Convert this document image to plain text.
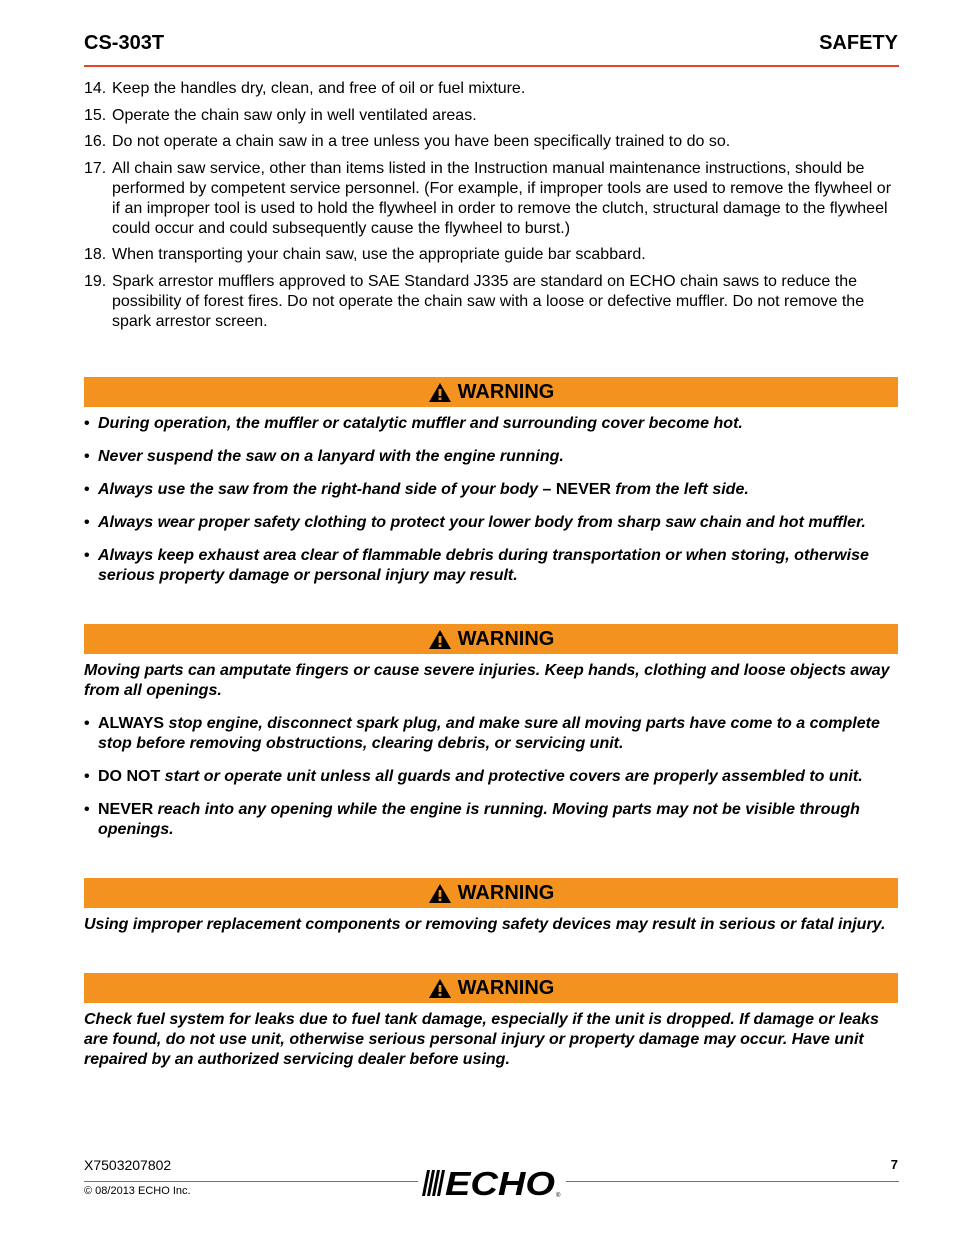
CS-303T	SAFETY
14. Keep the handles dry, clean, and free of oil or fuel mixture.
15. Operate the chain saw only in well ventilated areas.
16. Do not operate a chain saw in a tree unless you have been specifically trained to do so.
17. All chain saw service, other than items listed in the Instruction manual maintenance instructions, should be performed by competent service personnel. (For example, if improper tools are used to remove the flywheel or if an improper tool is used to hold the flywheel in order to remove the clutch, structural damage to the flywheel could occur and could subsequently cause the flywheel to burst.)
18. When transporting your chain saw, use the appropriate guide bar scabbard.
19. Spark arrestor mufflers approved to SAE Standard J335 are standard on ECHO chain saws to reduce the possibility of forest fires. Do not operate the chain saw with a loose or defective muffler. Do not remove the spark arrestor screen.
WARNING
• During operation, the muffler or catalytic muffler and surrounding cover become hot.
• Never suspend the saw on a lanyard with the engine running.
• Always use the saw from the right-hand side of your body – NEVER from the left side.
• Always wear proper safety clothing to protect your lower body from sharp saw chain and hot muffler.
• Always keep exhaust area clear of flammable debris during transportation or when storing, otherwise serious property damage or personal injury may result.
WARNING
Moving parts can amputate fingers or cause severe injuries. Keep hands, clothing and loose objects away from all openings.
• ALWAYS stop engine, disconnect spark plug, and make sure all moving parts have come to a complete stop before removing obstructions, clearing debris, or servicing unit.
• DO NOT start or operate unit unless all guards and protective covers are properly assembled to unit.
• NEVER reach into any opening while the engine is running. Moving parts may not be visible through openings.
WARNING
Using improper replacement components or removing safety devices may result in serious or fatal injury.
WARNING
Check fuel system for leaks due to fuel tank damage, especially if the unit is dropped. If damage or leaks are found, do not use unit, otherwise serious personal injury or property damage may occur. Have unit repaired by an authorized servicing dealer before using.
X7503207802	7
© 08/2013 ECHO Inc.	ECHO ®
